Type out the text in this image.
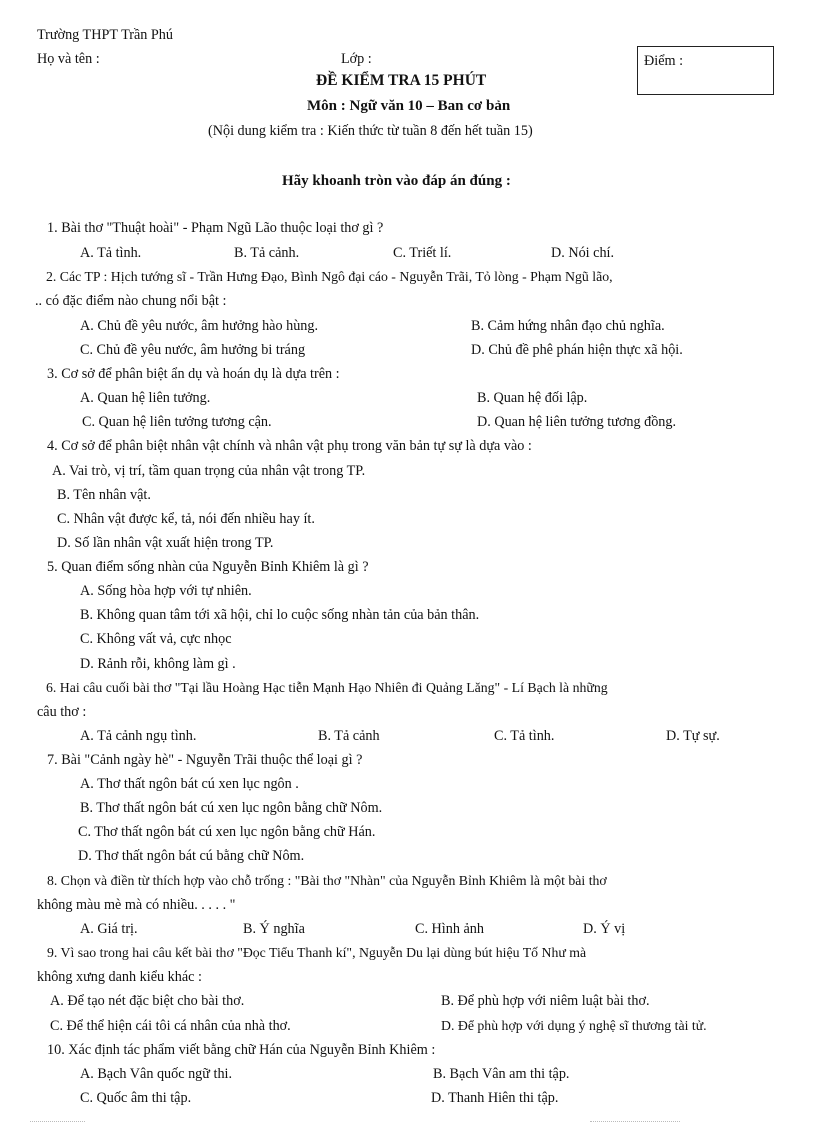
Trường THPT Trần Phú
Họ và tên :	Lớp :	Điểm :
ĐỀ KIỂM TRA 15 PHÚT
Môn : Ngữ văn 10 – Ban cơ bản
(Nội dung kiểm tra : Kiến thức từ tuần 8 đến hết tuần 15)
Hãy khoanh tròn vào đáp án đúng :
1. Bài thơ "Thuật hoài" - Phạm Ngũ Lão thuộc loại thơ gì ?
A. Tả tình.	B. Tả cảnh.	C. Triết lí.	D. Nói chí.
2. Các TP : Hịch tướng sĩ - Trần Hưng Đạo, Bình Ngô đại cáo - Nguyễn Trãi, Tỏ lòng - Phạm Ngũ lão,
.. có đặc điểm nào chung nổi bật :
A. Chủ đề yêu nước, âm hưởng hào hùng.	B. Cảm hứng nhân đạo chủ nghĩa.
C. Chủ đề yêu nước, âm hưởng bi tráng	D. Chủ đề phê phán hiện thực xã hội.
3. Cơ sở để phân biệt ẩn dụ và hoán dụ là dựa trên :
A. Quan hệ liên tưởng.	B. Quan hệ đối lập.
C. Quan hệ liên tưởng tương cận.	D. Quan hệ liên tưởng tương đồng.
4. Cơ sở để phân biệt nhân vật chính và nhân vật phụ trong văn bản tự sự là dựa vào :
A. Vai trò, vị trí, tầm quan trọng của nhân vật trong TP.
B. Tên nhân vật.
C. Nhân vật được kể, tả, nói đến nhiều hay ít.
D. Số lần nhân vật xuất hiện trong TP.
5. Quan điểm sống nhàn của Nguyễn Bỉnh Khiêm là gì ?
A. Sống hòa hợp với tự nhiên.
B. Không quan tâm tới xã hội, chỉ lo cuộc sống nhàn tản của bản thân.
C. Không vất vả, cực nhọc
D. Rảnh rỗi, không làm gì .
6. Hai câu cuối bài thơ "Tại lầu Hoàng Hạc tiễn Mạnh Hạo Nhiên đi Quảng Lăng" - Lí Bạch là những
câu thơ :
A. Tả cảnh ngụ tình.	B. Tả cảnh	C. Tả tình.	D. Tự sự.
7. Bài "Cảnh ngày hè" - Nguyễn Trãi thuộc thể loại gì ?
A. Thơ thất ngôn bát cú xen lục ngôn .
B. Thơ thất ngôn bát cú xen lục ngôn bằng chữ Nôm.
C. Thơ thất ngôn bát cú xen lục ngôn bằng chữ Hán.
D. Thơ thất ngôn bát cú bằng chữ Nôm.
8. Chọn và điền từ thích hợp vào chỗ trống : "Bài thơ "Nhàn" của Nguyễn Bỉnh Khiêm là một bài thơ
không màu mè mà có nhiều. . . . . "
A. Giá trị.	B. Ý nghĩa	C. Hình ảnh	D. Ý vị
9. Vì sao trong hai câu kết bài thơ "Đọc Tiểu Thanh kí", Nguyễn Du lại dùng bút hiệu Tố Như mà
không xưng danh kiểu khác :
A. Để tạo nét đặc biệt cho bài thơ.	B. Để phù hợp với niêm luật bài thơ.
C. Để thể hiện cái tôi cá nhân của nhà thơ.	D. Để phù hợp với dụng ý nghệ sĩ thương tài tử.
10. Xác định tác phẩm viết bằng chữ Hán của Nguyễn Bỉnh Khiêm :
A. Bạch Vân quốc ngữ thi.	B. Bạch Vân am thi tập.
C. Quốc âm thi tập.	D. Thanh Hiên thi tập.
